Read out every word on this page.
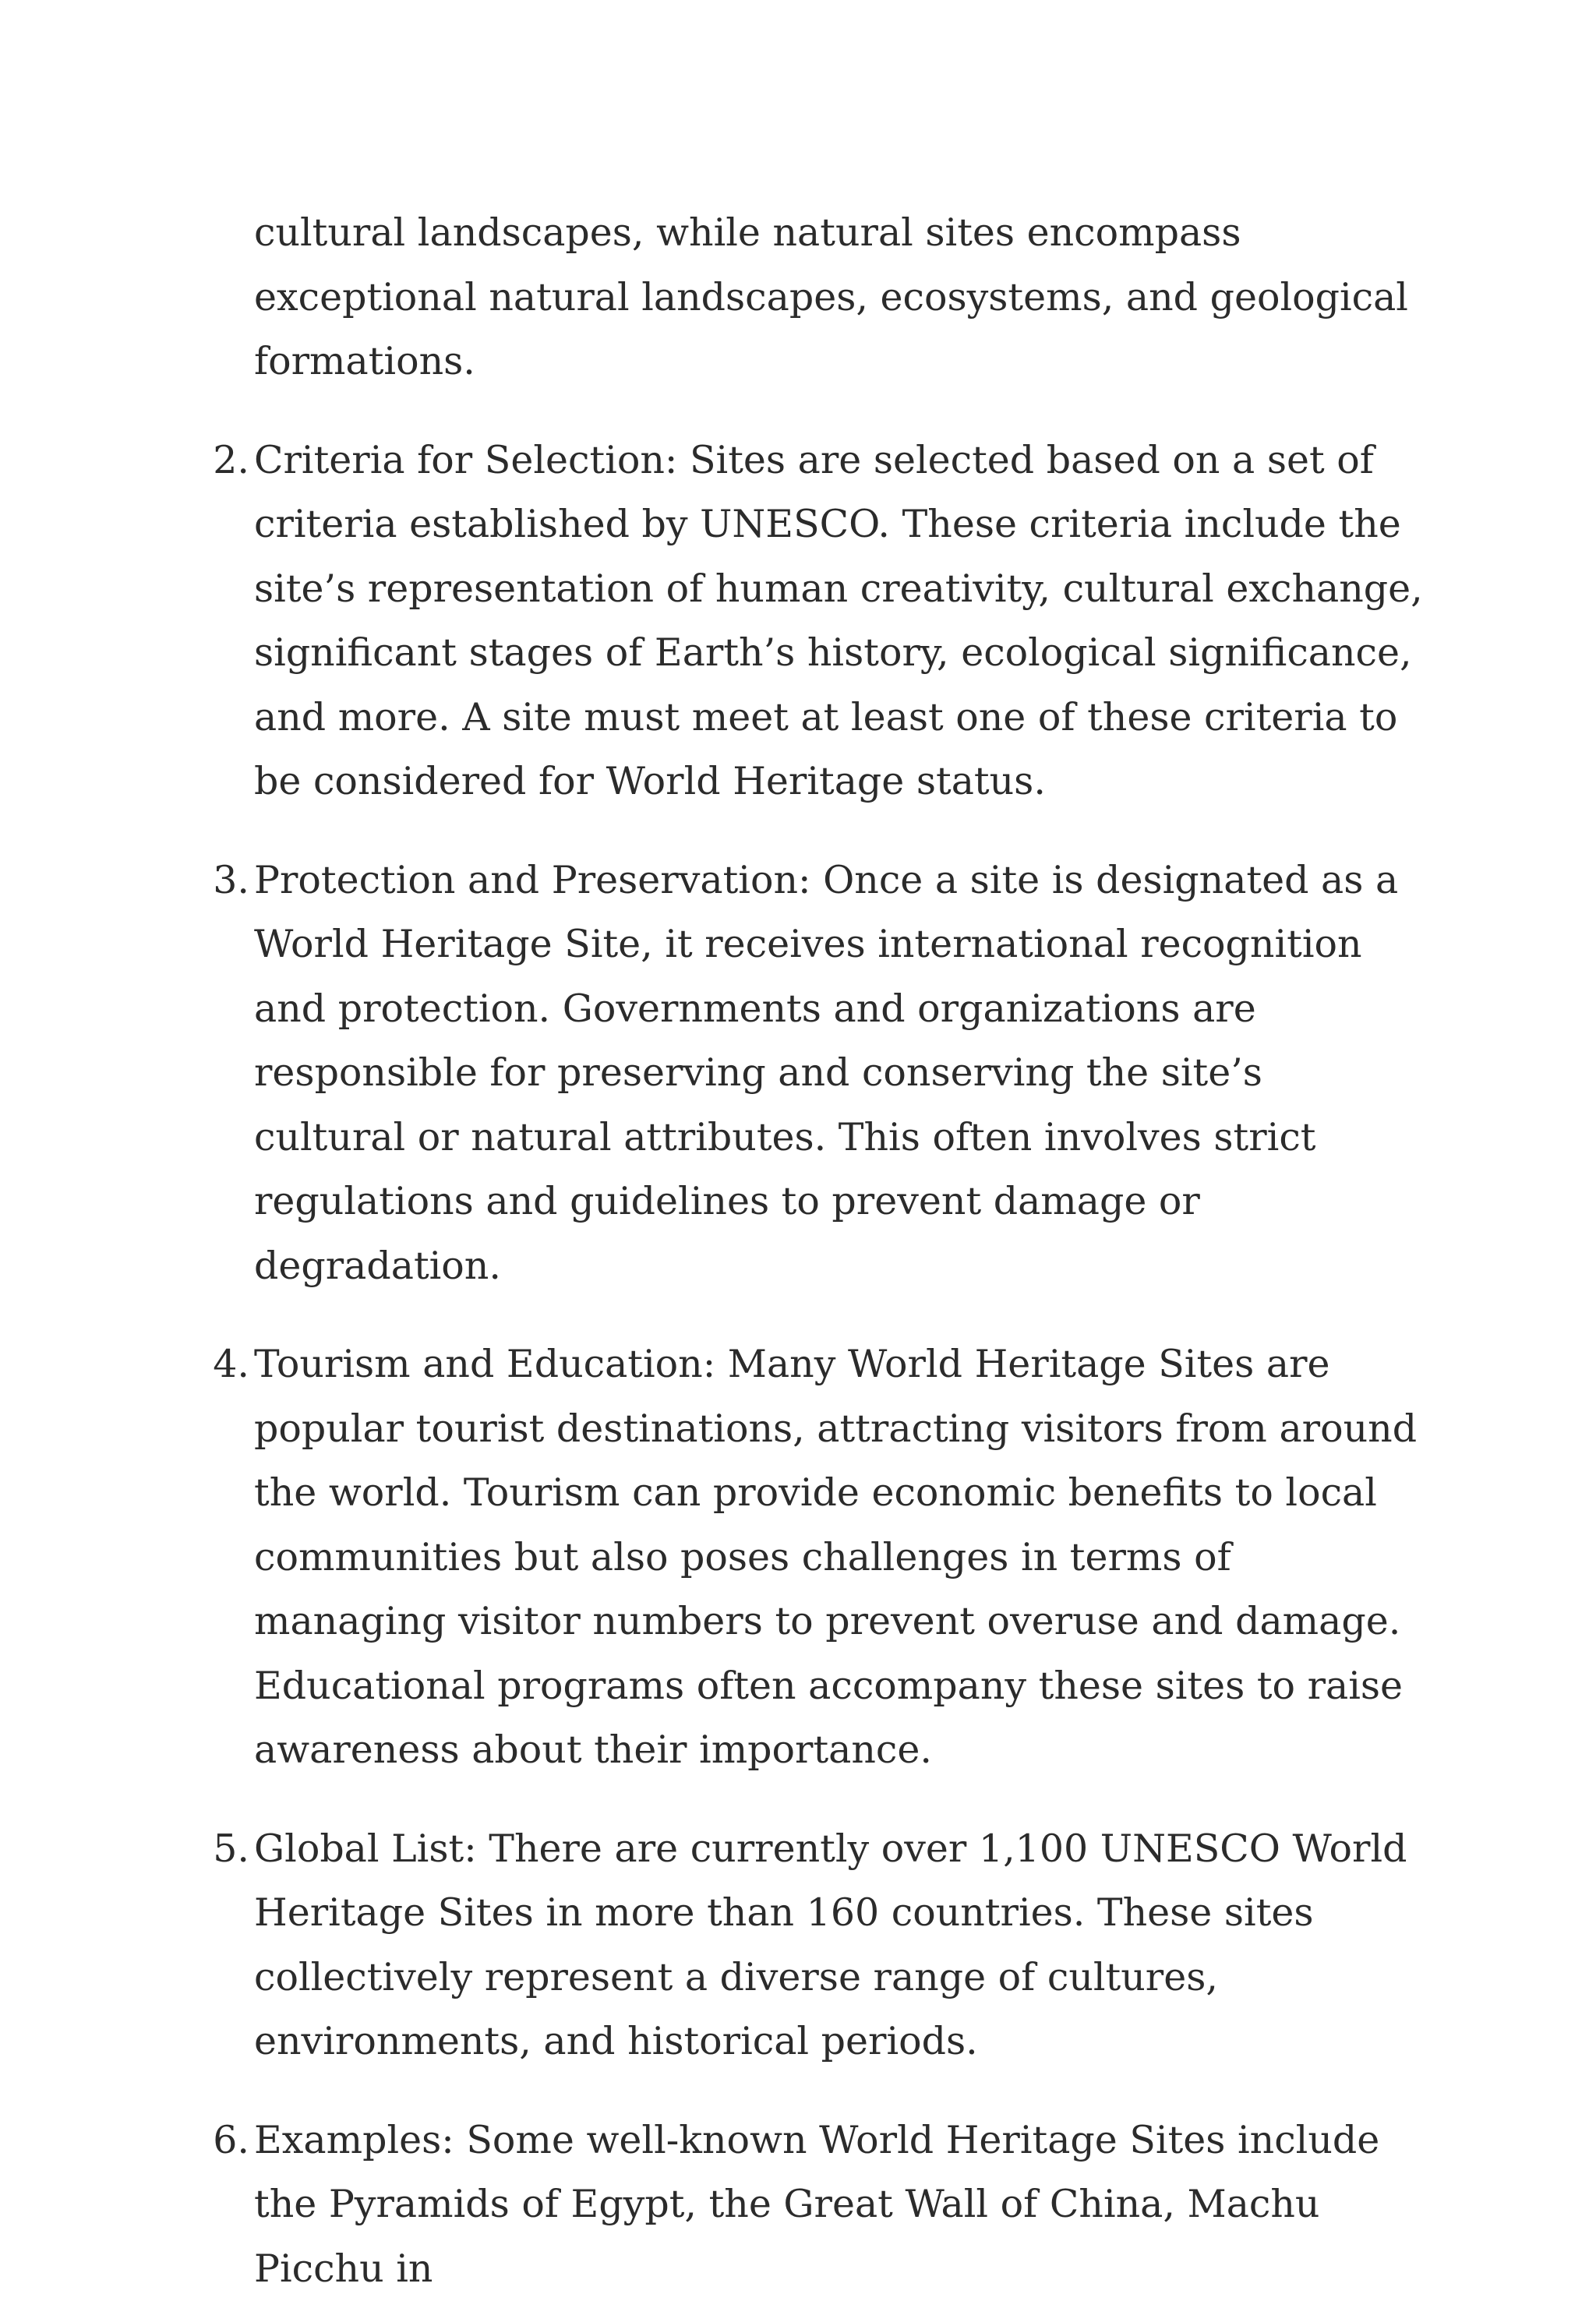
cultural landscapes, while natural sites encompass exceptional natural landscapes, ecosystems, and geological formations.

2. Criteria for Selection: Sites are selected based on a set of criteria established by UNESCO. These criteria include the site’s representation of human creativity, cultural exchange, significant stages of Earth’s history, ecological significance, and more. A site must meet at least one of these criteria to be considered for World Heritage status.
3. Protection and Preservation: Once a site is designated as a World Heritage Site, it receives international recognition and protection. Governments and organizations are responsible for preserving and conserving the site’s cultural or natural attributes. This often involves strict regulations and guidelines to prevent damage or degradation.
4. Tourism and Education: Many World Heritage Sites are popular tourist destinations, attracting visitors from around the world. Tourism can provide economic benefits to local communities but also poses challenges in terms of managing visitor numbers to prevent overuse and damage. Educational programs often accompany these sites to raise awareness about their importance.
5. Global List: There are currently over 1,100 UNESCO World Heritage Sites in more than 160 countries. These sites collectively represent a diverse range of cultures, environments, and historical periods.
6. Examples: Some well-known World Heritage Sites include the Pyramids of Egypt, the Great Wall of China, Machu Picchu in
